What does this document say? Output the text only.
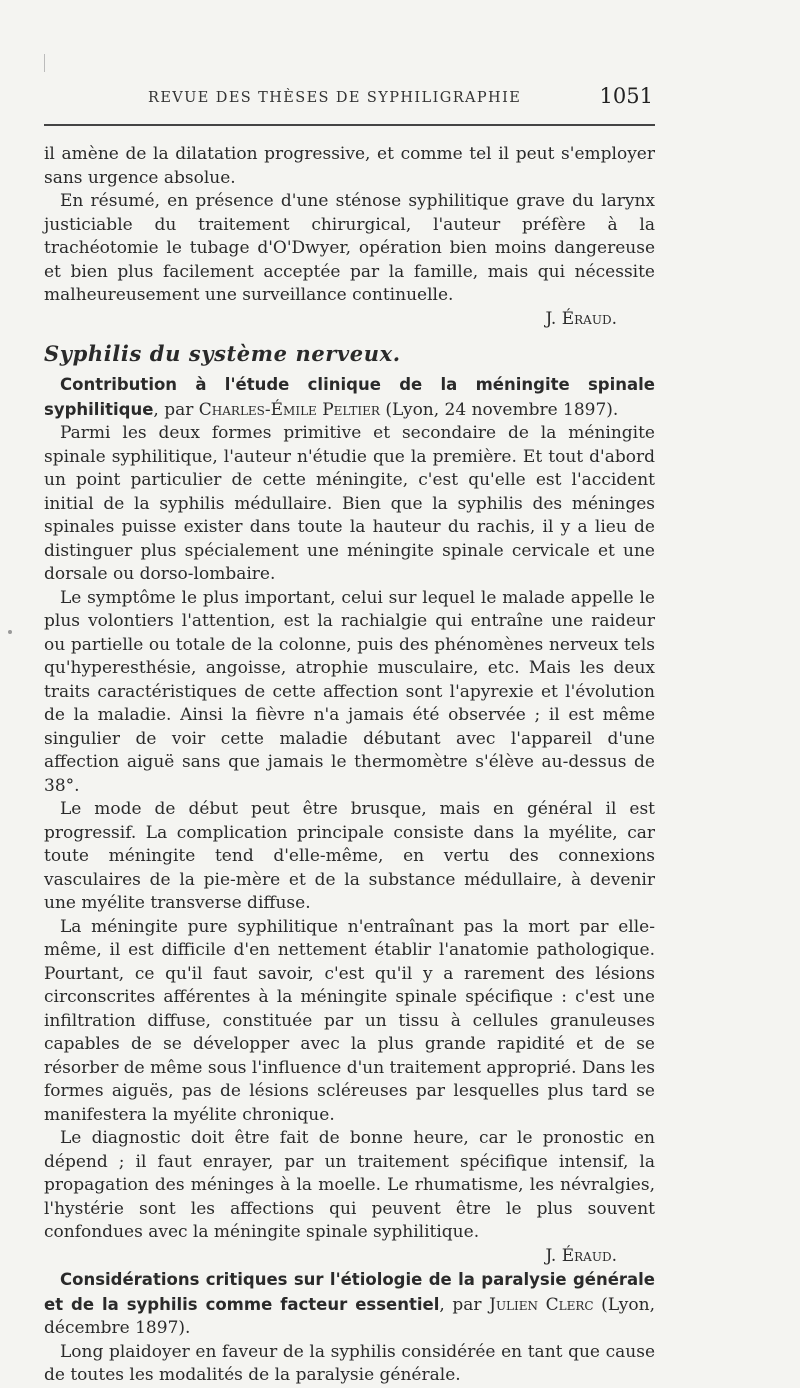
REVUE DES THÈSES DE SYPHILIGRAPHIE	1051

il amène de la dilatation progressive, et comme tel il peut s'employer sans urgence absolue.

En résumé, en présence d'une sténose syphilitique grave du larynx justiciable du traitement chirurgical, l'auteur préfère à la trachéotomie le tubage d'O'Dwyer, opération bien moins dangereuse et bien plus facilement acceptée par la famille, mais qui nécessite malheureusement une surveillance continuelle.

J. Éraud.
Syphilis du système nerveux.

Contribution à l'étude clinique de la méningite spinale syphilitique, par Charles-Émile Peltier (Lyon, 24 novembre 1897).

Parmi les deux formes primitive et secondaire de la méningite spinale syphilitique, l'auteur n'étudie que la première. Et tout d'abord un point particulier de cette méningite, c'est qu'elle est l'accident initial de la syphilis médullaire. Bien que la syphilis des méninges spinales puisse exister dans toute la hauteur du rachis, il y a lieu de distinguer plus spécialement une méningite spinale cervicale et une dorsale ou dorso-lombaire.

Le symptôme le plus important, celui sur lequel le malade appelle le plus volontiers l'attention, est la rachialgie qui entraîne une raideur ou partielle ou totale de la colonne, puis des phénomènes nerveux tels qu'hyperesthésie, angoisse, atrophie musculaire, etc. Mais les deux traits caractéristiques de cette affection sont l'apyrexie et l'évolution de la maladie. Ainsi la fièvre n'a jamais été observée ; il est même singulier de voir cette maladie débutant avec l'appareil d'une affection aiguë sans que jamais le thermomètre s'élève au-dessus de 38°.

Le mode de début peut être brusque, mais en général il est progressif. La complication principale consiste dans la myélite, car toute méningite tend d'elle-même, en vertu des connexions vasculaires de la pie-mère et de la substance médullaire, à devenir une myélite transverse diffuse.

La méningite pure syphilitique n'entraînant pas la mort par elle-même, il est difficile d'en nettement établir l'anatomie pathologique. Pourtant, ce qu'il faut savoir, c'est qu'il y a rarement des lésions circonscrites afférentes à la méningite spinale spécifique : c'est une infiltration diffuse, constituée par un tissu à cellules granuleuses capables de se développer avec la plus grande rapidité et de se résorber de même sous l'influence d'un traitement approprié. Dans les formes aiguës, pas de lésions scléreuses par lesquelles plus tard se manifestera la myélite chronique.

Le diagnostic doit être fait de bonne heure, car le pronostic en dépend ; il faut enrayer, par un traitement spécifique intensif, la propagation des méninges à la moelle. Le rhumatisme, les névralgies, l'hystérie sont les affections qui peuvent être le plus souvent confondues avec la méningite spinale syphilitique.

J. Éraud.

Considérations critiques sur l'étiologie de la paralysie générale et de la syphilis comme facteur essentiel, par Julien Clerc (Lyon, décembre 1897).

Long plaidoyer en faveur de la syphilis considérée en tant que cause de toutes les modalités de la paralysie générale.
